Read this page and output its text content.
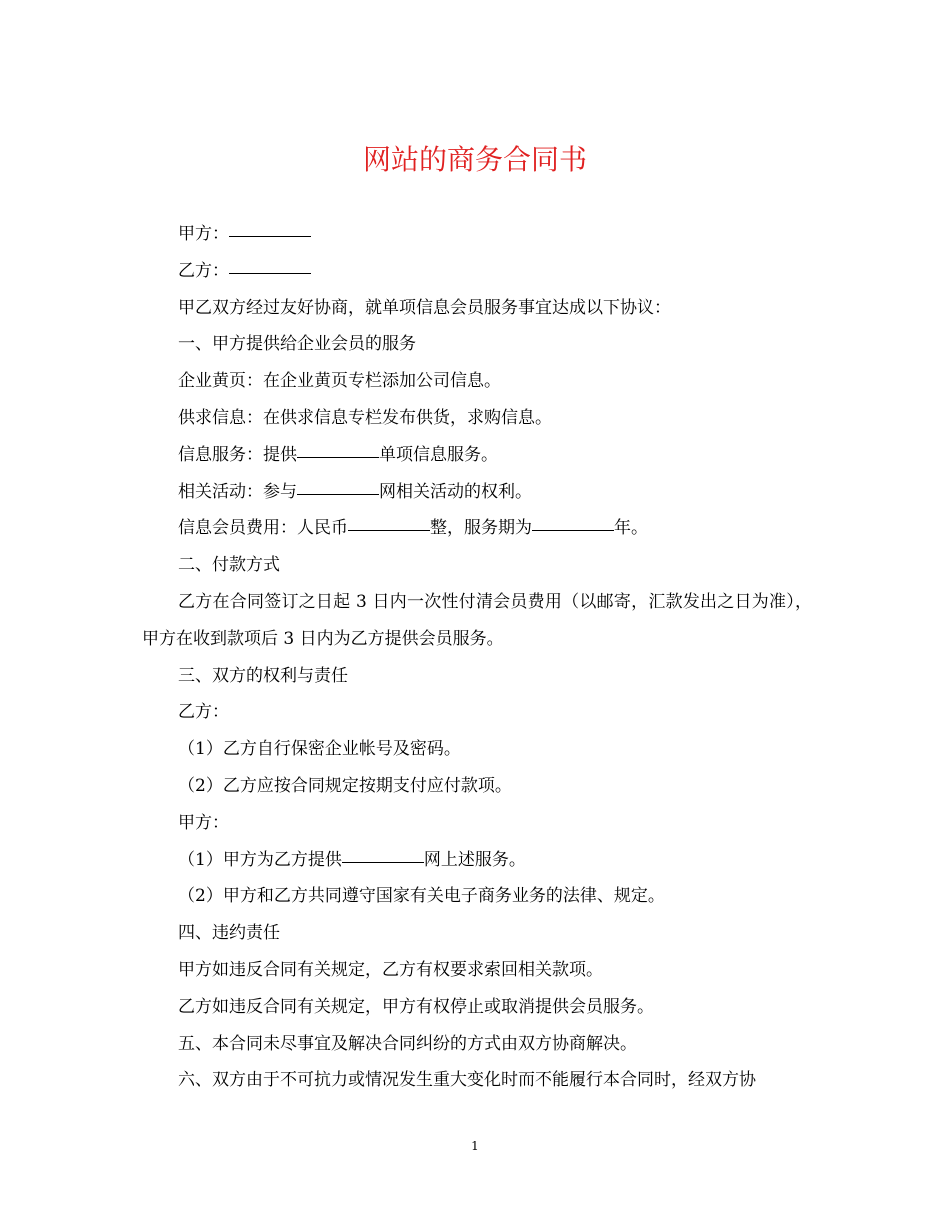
网站的商务合同书

甲方：

乙方：

甲乙双方经过友好协商，就单项信息会员服务事宜达成以下协议：

一、甲方提供给企业会员的服务

企业黄页：在企业黄页专栏添加公司信息。

供求信息：在供求信息专栏发布供货，求购信息。

信息服务：提供	单项信息服务。

相关活动：参与	网相关活动的权利。

信息会员费用：人民币	整，服务期为	年。

二、付款方式

乙方在合同签订之日起 3 日内一次性付清会员费用（以邮寄，汇款发出之日为准），甲方在收到款项后 3 日内为乙方提供会员服务。

三、双方的权利与责任

乙方：

（1）乙方自行保密企业帐号及密码。

（2）乙方应按合同规定按期支付应付款项。

甲方：

（1）甲方为乙方提供	网上述服务。

（2）甲方和乙方共同遵守国家有关电子商务业务的法律、规定。

四、违约责任

甲方如违反合同有关规定，乙方有权要求索回相关款项。

乙方如违反合同有关规定，甲方有权停止或取消提供会员服务。

五、本合同未尽事宜及解决合同纠纷的方式由双方协商解决。

六、双方由于不可抗力或情况发生重大变化时而不能履行本合同时，经双方协

1
